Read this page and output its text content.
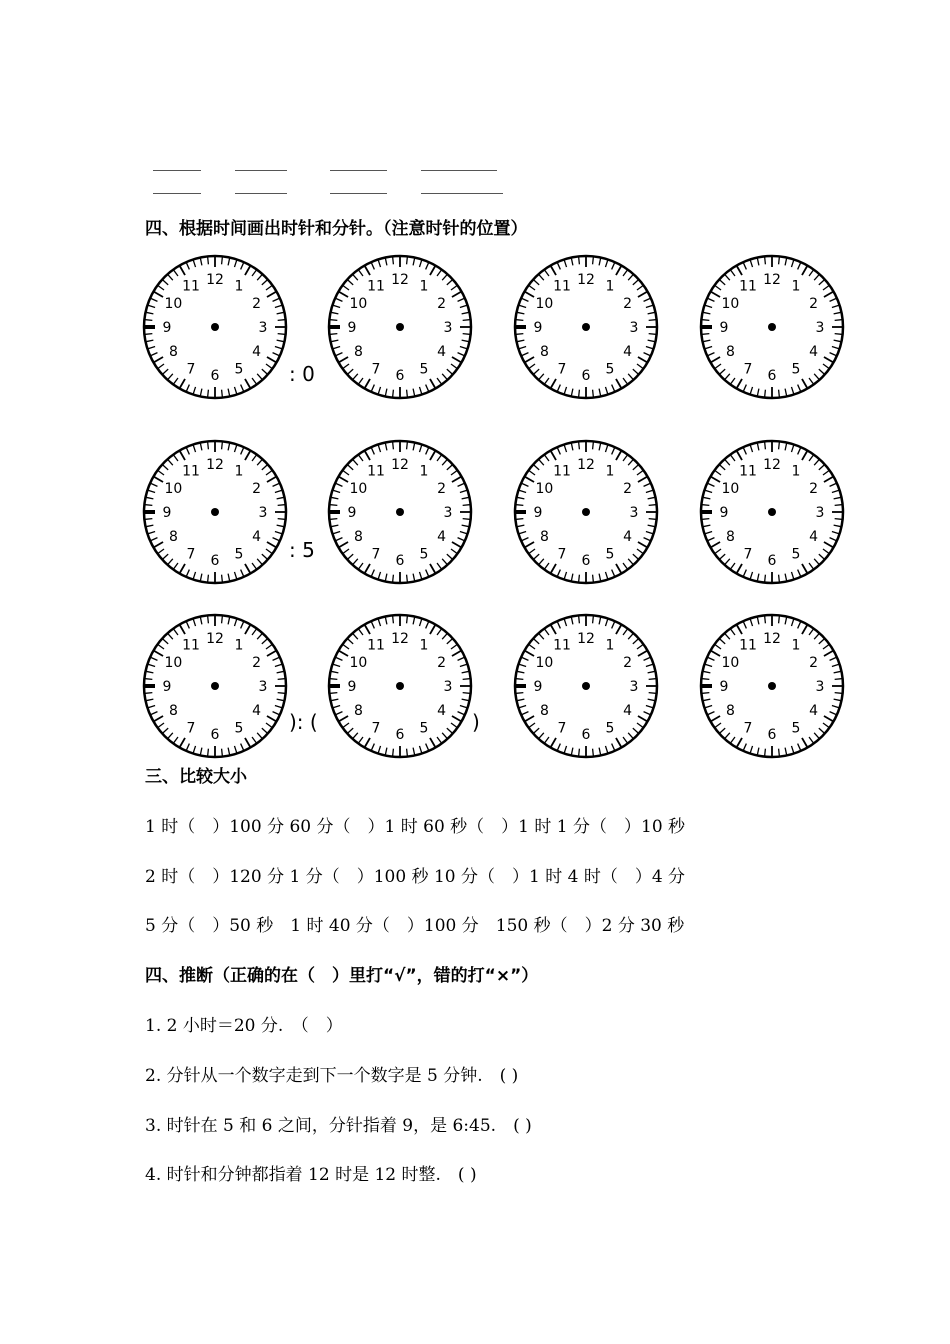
四、根据时间画出时针和分针。（注意时针的位置）
: 0
: 5
): (	)
12 1
2
3
4
5
6
7
8
9
10
11	12 1
2
3
4
5
6
7
8
9
10
11	12 1
2
3
4
5
6
7
8
9
10
11	12 1
2
3
4
5
6
7
8
9
10
11
12 1
2
3
4
5
6
7
8
9
10
11	12 1
2
3
4
5
6
7
8
9
10
11	12 1
2
3
4
5
6
7
8
9
10
11	12 1
2
3
4
5
6
7
8
9
10
11
12 1
2
3
4
5
6
7
8
9
10
11	12 1
2
3
4
5
6
7
8
9
10
11	12 1
2
3
4
5
6
7
8
9
10
11	12 1
2
3
4
5
6
7
8
9
10
11
三、比较大小
1 时（　）100 分 60 分（　）1 时 60 秒（　）1 时 1 分（　）10 秒
2 时（　）120 分 1 分（　）100 秒 10 分（　）1 时 4 时（　）4 分
5 分（　）50 秒　1 时 40 分（　）100 分　150 秒（　）2 分 30 秒
四、推断（正确的在（　）里打“√”，错的打“×”）
1. 2 小时＝20 分.　（　）
2. 分针从一个数字走到下一个数字是 5 分钟.　( )
3. 时针在 5 和 6 之间，分针指着 9，是 6:45.　( )
4. 时针和分钟都指着 12 时是 12 时整.　( )
